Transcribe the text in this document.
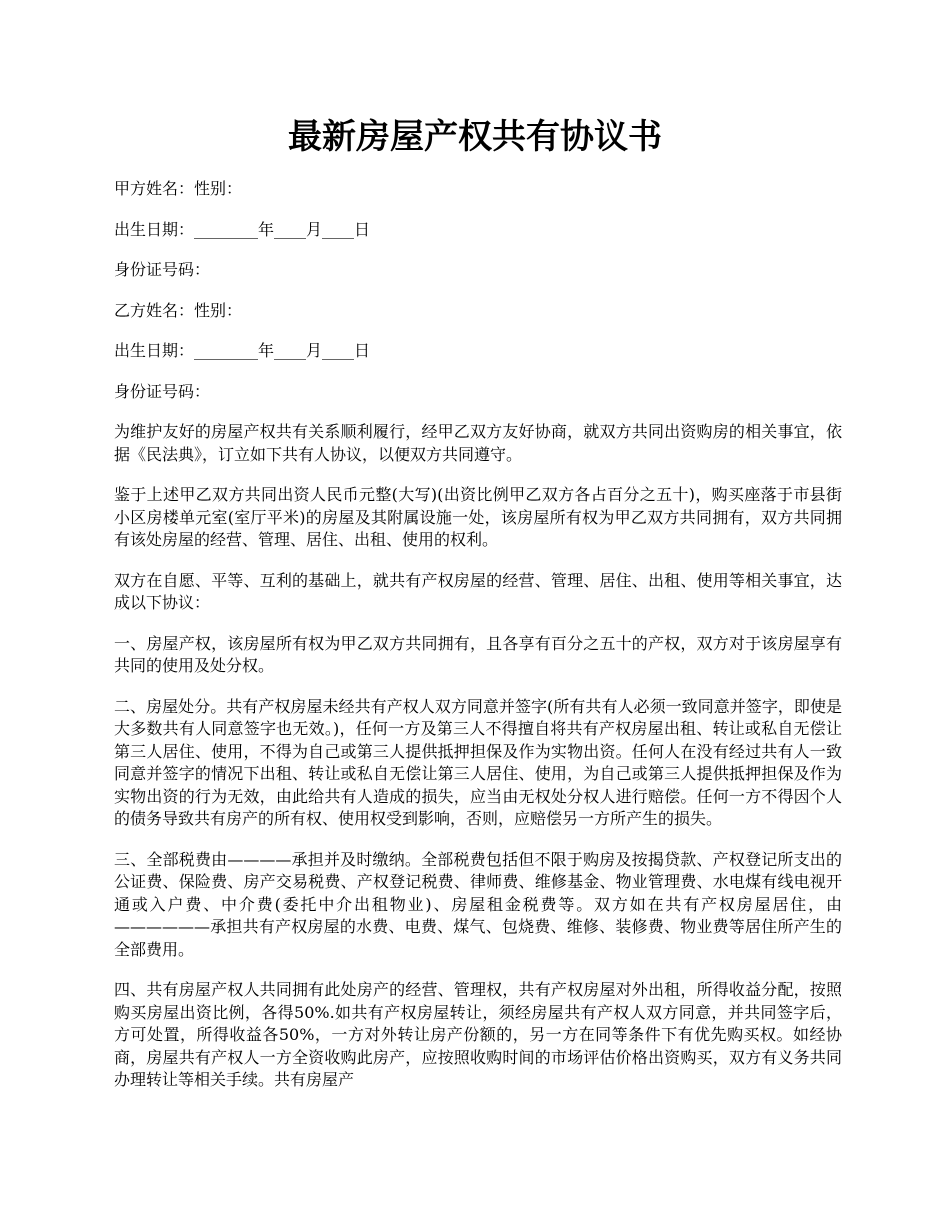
最新房屋产权共有协议书

甲方姓名：性别：

出生日期：________年____月____日

身份证号码：

乙方姓名：性别：

出生日期：________年____月____日

身份证号码：

为维护友好的房屋产权共有关系顺利履行，经甲乙双方友好协商，就双方共同出资购房的相关事宜，依据《民法典》，订立如下共有人协议，以便双方共同遵守。

鉴于上述甲乙双方共同出资人民币元整(大写)(出资比例甲乙双方各占百分之五十)，购买座落于市县街小区房楼单元室(室厅平米)的房屋及其附属设施一处，该房屋所有权为甲乙双方共同拥有，双方共同拥有该处房屋的经营、管理、居住、出租、使用的权利。

双方在自愿、平等、互利的基础上，就共有产权房屋的经营、管理、居住、出租、使用等相关事宜，达成以下协议：

一、房屋产权，该房屋所有权为甲乙双方共同拥有，且各享有百分之五十的产权，双方对于该房屋享有共同的使用及处分权。

二、房屋处分。共有产权房屋未经共有产权人双方同意并签字(所有共有人必须一致同意并签字，即使是大多数共有人同意签字也无效。)，任何一方及第三人不得擅自将共有产权房屋出租、转让或私自无偿让第三人居住、使用，不得为自己或第三人提供抵押担保及作为实物出资。任何人在没有经过共有人一致同意并签字的情况下出租、转让或私自无偿让第三人居住、使用，为自己或第三人提供抵押担保及作为实物出资的行为无效，由此给共有人造成的损失，应当由无权处分权人进行赔偿。任何一方不得因个人的债务导致共有房产的所有权、使用权受到影响，否则，应赔偿另一方所产生的损失。

三、全部税费由————承担并及时缴纳。全部税费包括但不限于购房及按揭贷款、产权登记所支出的公证费、保险费、房产交易税费、产权登记税费、律师费、维修基金、物业管理费、水电煤有线电视开通或入户费、中介费(委托中介出租物业)、房屋租金税费等。双方如在共有产权房屋居住，由——————承担共有产权房屋的水费、电费、煤气、包烧费、维修、装修费、物业费等居住所产生的全部费用。

四、共有房屋产权人共同拥有此处房产的经营、管理权，共有产权房屋对外出租，所得收益分配，按照购买房屋出资比例，各得50%.如共有产权房屋转让，须经房屋共有产权人双方同意，并共同签字后，方可处置，所得收益各50%，一方对外转让房产份额的，另一方在同等条件下有优先购买权。如经协商，房屋共有产权人一方全资收购此房产，应按照收购时间的市场评估价格出资购买，双方有义务共同办理转让等相关手续。共有房屋产
